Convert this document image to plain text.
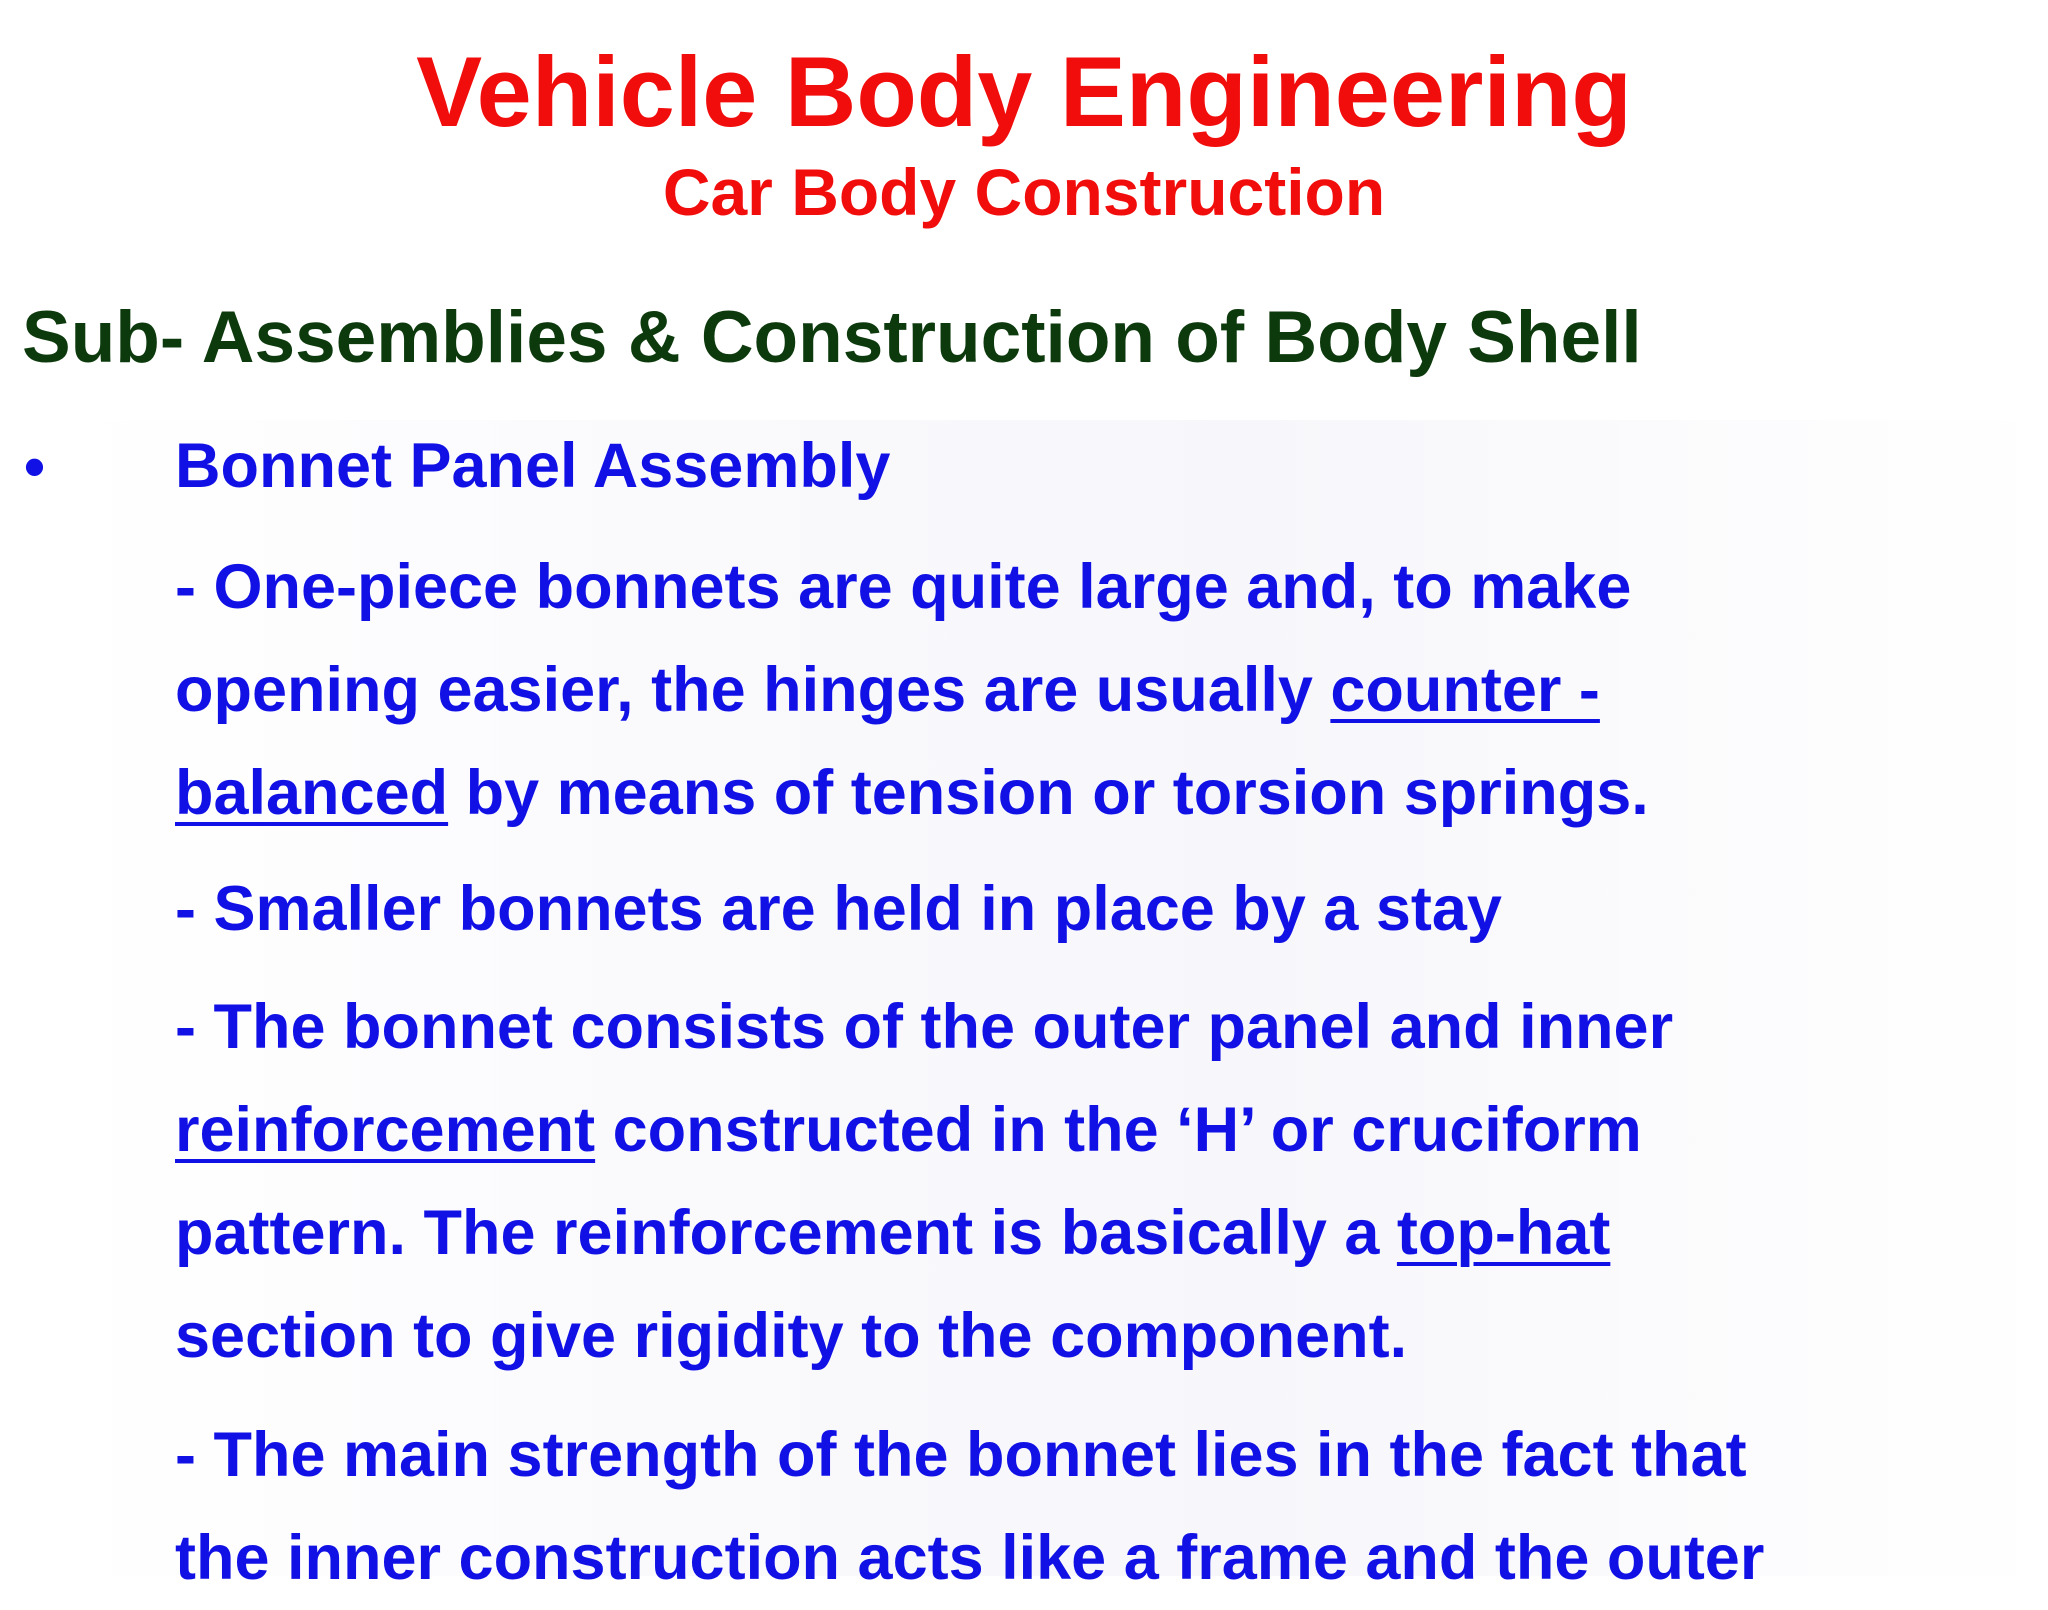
Vehicle Body Engineering
Car Body Construction
Sub- Assemblies & Construction of Body Shell
• Bonnet Panel Assembly
- One-piece bonnets are quite large and, to make
opening easier, the hinges are usually counter -
balanced by means of tension or torsion springs.
- Smaller bonnets are held in place by a stay
- The bonnet consists of the outer panel and inner
reinforcement constructed in the ‘H’ or cruciform
pattern. The reinforcement is basically a top-hat
section to give rigidity to the component.
- The main strength of the bonnet lies in the fact that
the inner construction acts like a frame and the outer
